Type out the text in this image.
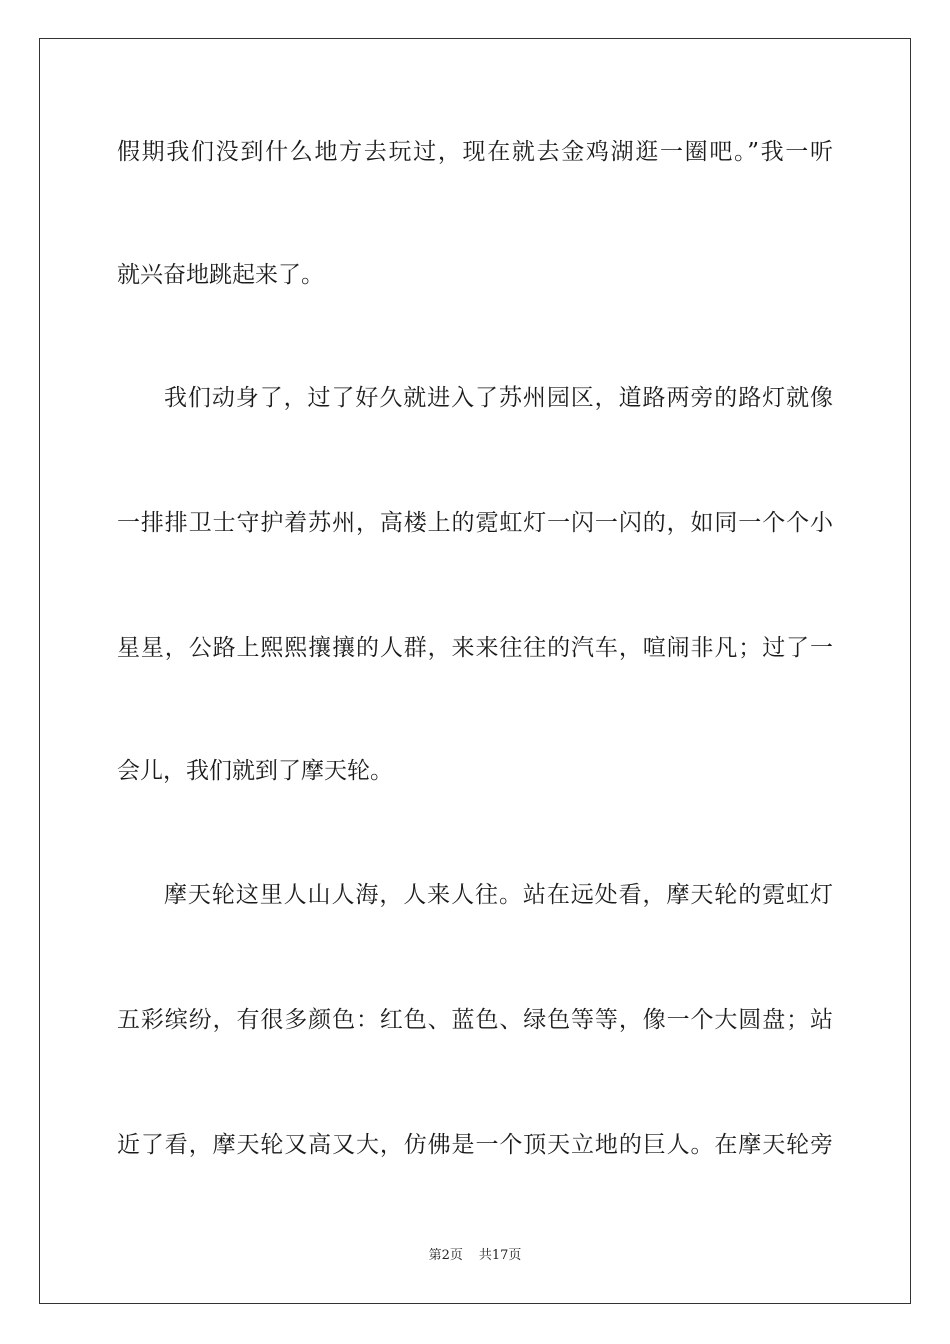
假期我们没到什么地方去玩过，现在就去金鸡湖逛一圈吧。”我一听
就兴奋地跳起来了。
我们动身了，过了好久就进入了苏州园区，道路两旁的路灯就像
一排排卫士守护着苏州，高楼上的霓虹灯一闪一闪的，如同一个个小
星星，公路上熙熙攘攘的人群，来来往往的汽车，喧闹非凡；过了一
会儿，我们就到了摩天轮。
摩天轮这里人山人海，人来人往。站在远处看，摩天轮的霓虹灯
五彩缤纷，有很多颜色：红色、蓝色、绿色等等，像一个大圆盘；站
近了看，摩天轮又高又大，仿佛是一个顶天立地的巨人。在摩天轮旁
第2页 共17页
